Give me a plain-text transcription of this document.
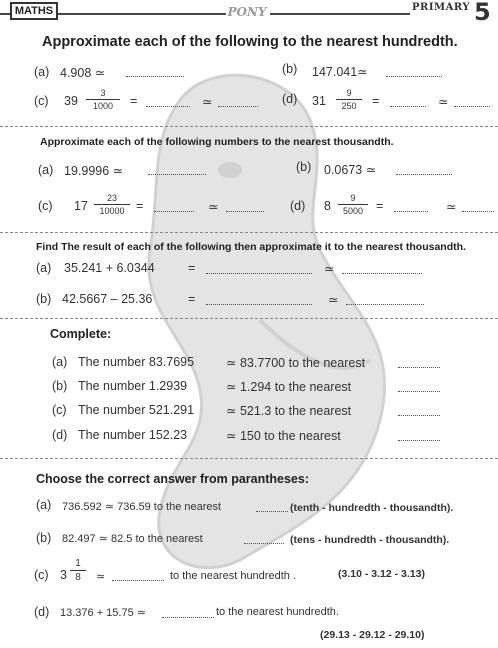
MATHS	PONY	PRIMARY 5
Approximate each of the following to the nearest hundredth.
(a) 4.908 ≃	(b) 147.041≃
(c) $39 \frac{3}{1000}$ =	≃	(d) $31 \frac{9}{250}$ =	≃
Approximate each of the following numbers to the nearest thousandth.
(a) 19.9996 ≃	(b) 0.0673 ≃
(c) $17 \frac{23}{10000}$ =	≃	(d) $8 \frac{9}{5000}$ =	≃
Find The result of each of the following then approximate it to the nearest thousandth.
(a) 35.241 + 6.0344	=	≃
(b) 42.5667 – 25.36	=	≃
Complete:
(a) The number 83.7695	≃ 83.7700 to the nearest
(b) The number 1.2939	≃ 1.294 to the nearest
(c) The number 521.291	≃ 521.3 to the nearest
(d) The number 152.23	≃ 150 to the nearest
Choose the correct answer from parantheses:
(a) 736.592 ≃ 736.59 to the nearest	(tenth - hundredth - thousandth).
(b) 82.497 ≃ 82.5 to the nearest	(tens - hundredth - thousandth).
(c) $3 \frac{1}{8}$ ≃	to the nearest hundredth .	(3.10 - 3.12 - 3.13)
(d) 13.376 + 15.75 ≃	to the nearest hundredth.
(29.13 - 29.12 - 29.10)
